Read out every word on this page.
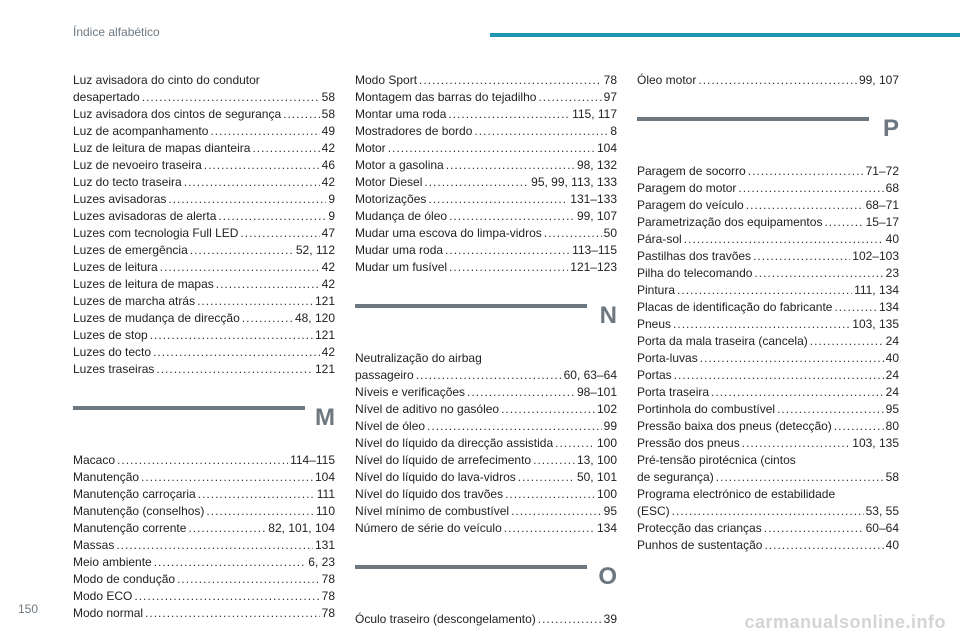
Índice alfabético
Luz avisadora do cinto do condutor
desapertado .....	58
Luz avisadora dos cintos de segurança .....	58
Luz de acompanhamento .....	49
Luz de leitura de mapas dianteira .....	42
Luz de nevoeiro traseira .....	46
Luz do tecto traseira .....	42
Luzes avisadoras .....	9
Luzes avisadoras de alerta .....	9
Luzes com tecnologia Full LED .....	47
Luzes de emergência .....	52, 112
Luzes de leitura .....	42
Luzes de leitura de mapas .....	42
Luzes de marcha atrás .....	121
Luzes de mudança de direcção .....	48, 120
Luzes de stop .....	121
Luzes do tecto .....	42
Luzes traseiras .....	121
M
Macaco .....	114–115
Manutenção .....	104
Manutenção carroçaria .....	111
Manutenção (conselhos) .....	110
Manutenção corrente .....	82, 101, 104
Massas .....	131
Meio ambiente .....	6, 23
Modo de condução .....	78
Modo ECO .....	78
Modo normal .....	78
Modo Sport .....	78
Montagem das barras do tejadilho .....	97
Montar uma roda .....	115, 117
Mostradores de bordo .....	8
Motor .....	104
Motor a gasolina .....	98, 132
Motor Diesel .....	95, 99, 113, 133
Motorizações .....	131–133
Mudança de óleo .....	99, 107
Mudar uma escova do limpa-vidros .....	50
Mudar uma roda .....	113–115
Mudar um fusível .....	121–123
N
Neutralização do airbag
passageiro .....	60, 63–64
Níveis e verificações .....	98–101
Nível de aditivo no gasóleo .....	102
Nível de óleo .....	99
Nível do líquido da direcção assistida .....	100
Nível do líquido de arrefecimento .....	13, 100
Nível do líquido do lava-vidros .....	50, 101
Nível do líquido dos travões .....	100
Nível mínimo de combustível .....	95
Número de série do veículo .....	134
O
Óculo traseiro (descongelamento) .....	39
Óleo motor .....	99, 107
P
Paragem de socorro .....	71–72
Paragem do motor .....	68
Paragem do veículo .....	68–71
Parametrização dos equipamentos .....	15–17
Pára-sol .....	40
Pastilhas dos travões .....	102–103
Pilha do telecomando .....	23
Pintura .....	111, 134
Placas de identificação do fabricante .....	134
Pneus .....	103, 135
Porta da mala traseira (cancela) .....	24
Porta-luvas .....	40
Portas .....	24
Porta traseira .....	24
Portinhola do combustível .....	95
Pressão baixa dos pneus (detecção) .....	80
Pressão dos pneus .....	103, 135
Pré-tensão pirotécnica (cintos
de segurança) .....	58
Programa electrónico de estabilidade
(ESC) .....	53, 55
Protecção das crianças .....	60–64
Punhos de sustentação .....	40
150
carmanualsonline.info
